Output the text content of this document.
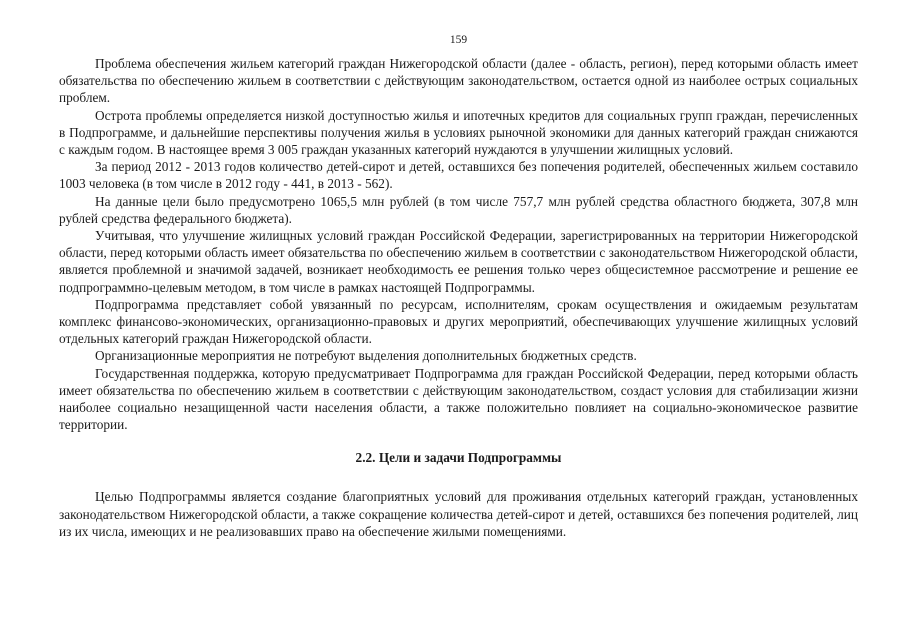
159

Проблема обеспечения жильем категорий граждан Нижегородской области (далее - область, регион), перед которыми область имеет обязательства по обеспечению жильем в соответствии с действующим законодательством, остается одной из наиболее острых социальных проблем.

Острота проблемы определяется низкой доступностью жилья и ипотечных кредитов для социальных групп граждан, перечисленных в Подпрограмме, и дальнейшие перспективы получения жилья в условиях рыночной экономики для данных категорий граждан снижаются с каждым годом. В настоящее время 3 005 граждан указанных категорий нуждаются в улучшении жилищных условий.

За период 2012 - 2013 годов количество детей-сирот и детей, оставшихся без попечения родителей, обеспеченных жильем составило 1003 человека (в том числе в 2012 году - 441, в 2013 - 562).

На данные цели было предусмотрено 1065,5 млн рублей (в том числе 757,7 млн рублей средства областного бюджета, 307,8 млн рублей средства федерального бюджета).

Учитывая, что улучшение жилищных условий граждан Российской Федерации, зарегистрированных на территории Нижегородской области, перед которыми область имеет обязательства по обеспечению жильем в соответствии с законодательством Нижегородской области, является проблемной и значимой задачей, возникает необходимость ее решения только через общесистемное рассмотрение и решение ее подпрограммно-целевым методом, в том числе в рамках настоящей Подпрограммы.

Подпрограмма представляет собой увязанный по ресурсам, исполнителям, срокам осуществления и ожидаемым результатам комплекс финансово-экономических, организационно-правовых и других мероприятий, обеспечивающих улучшение жилищных условий отдельных категорий граждан Нижегородской области.

Организационные мероприятия не потребуют выделения дополнительных бюджетных средств.

Государственная поддержка, которую предусматривает Подпрограмма для граждан Российской Федерации, перед которыми область имеет обязательства по обеспечению жильем в соответствии с действующим законодательством, создаст условия для стабилизации жизни наиболее социально незащищенной части населения области, а также положительно повлияет на социально-экономическое развитие территории.

2.2. Цели и задачи Подпрограммы

Целью Подпрограммы является создание благоприятных условий для проживания отдельных категорий граждан, установленных законодательством Нижегородской области, а также сокращение количества детей-сирот и детей, оставшихся без попечения родителей, лиц из их числа, имеющих и не реализовавших право на обеспечение жилыми помещениями.
